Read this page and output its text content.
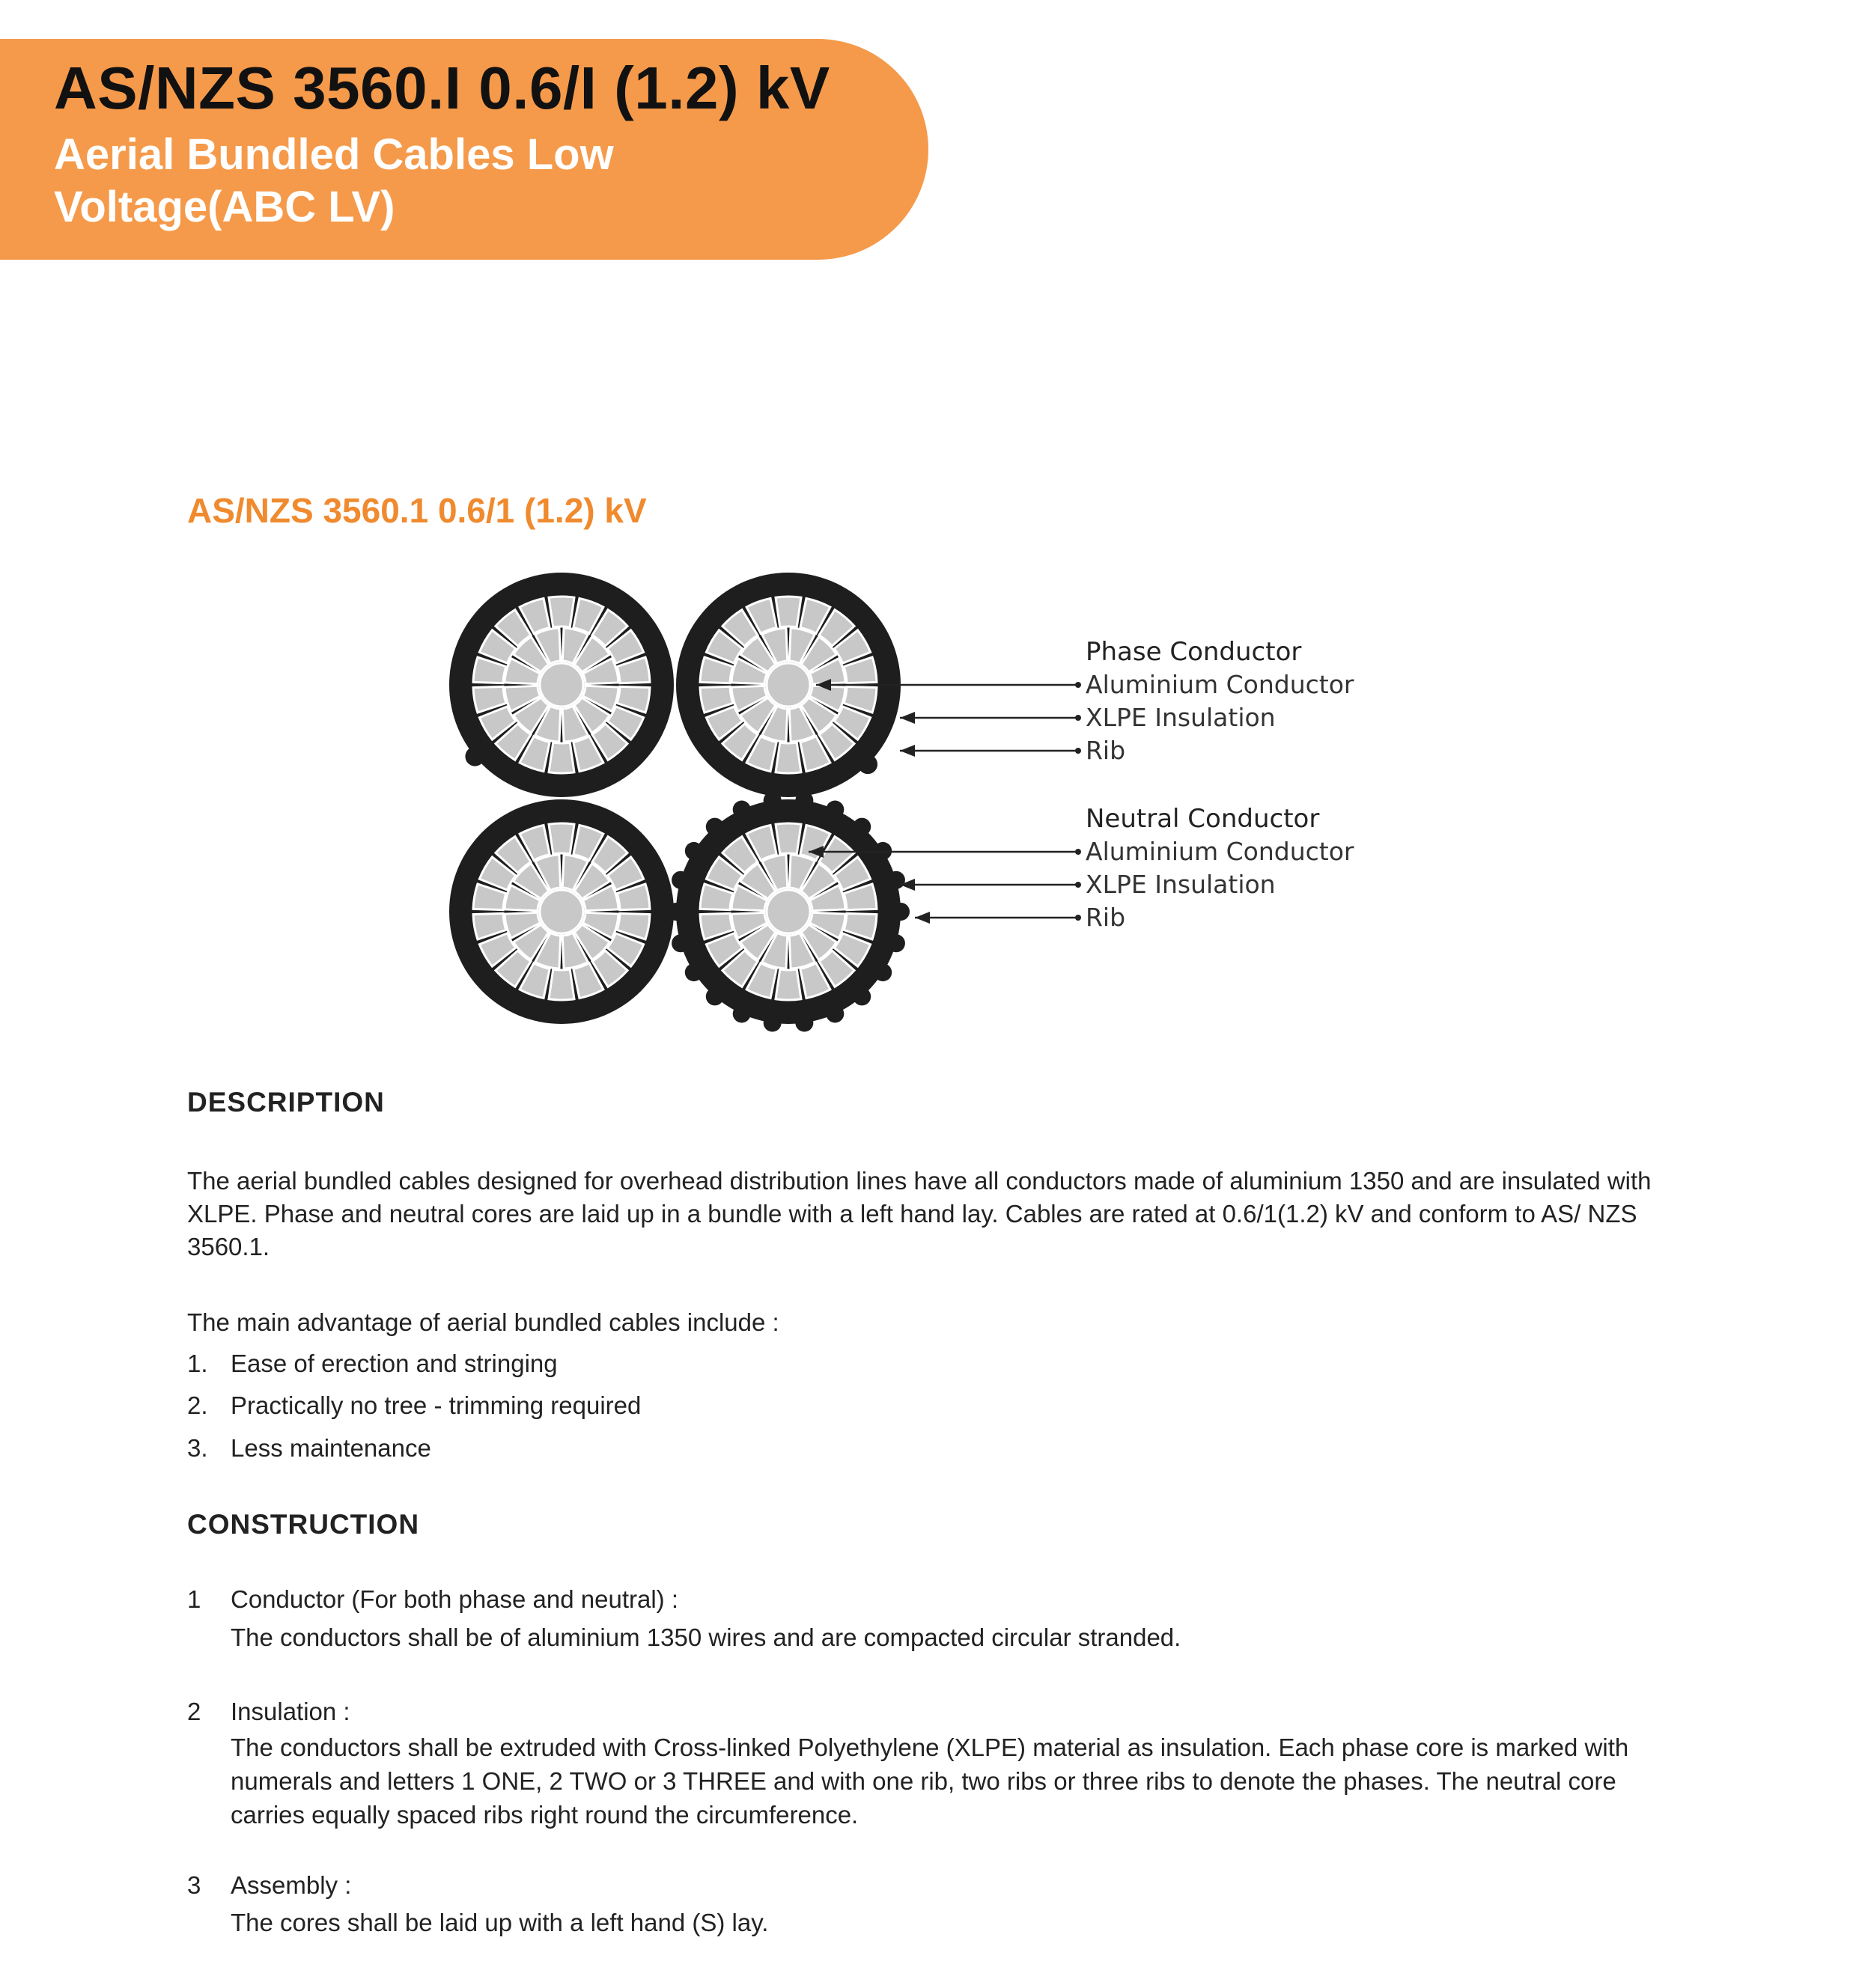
AS/NZS 3560.I 0.6/I (1.2) kV
Aerial Bundled Cables Low Voltage(ABC LV)
AS/NZS 3560.1 0.6/1 (1.2) kV
Phase Conductor
Aluminium Conductor
XLPE Insulation
Rib
Neutral Conductor
Aluminium Conductor
XLPE Insulation
Rib
DESCRIPTION
The aerial bundled cables designed for overhead distribution lines have all conductors made of aluminium 1350 and are insulated with XLPE. Phase and neutral cores are laid up in a bundle with a left hand lay. Cables are rated at 0.6/1(1.2) kV and conform to AS/ NZS 3560.1.
The main advantage of aerial bundled cables include :
1. Ease of erection and stringing
2. Practically no tree - trimming required
3. Less maintenance
CONSTRUCTION
1 Conductor (For both phase and neutral) :
The conductors shall be of aluminium 1350 wires and are compacted circular stranded.
2 Insulation :
The conductors shall be extruded with Cross-linked Polyethylene (XLPE) material as insulation. Each phase core is marked with numerals and letters 1 ONE, 2 TWO or 3 THREE and with one rib, two ribs or three ribs to denote the phases. The neutral core carries equally spaced ribs right round the circumference.
3 Assembly :
The cores shall be laid up with a left hand (S) lay.
